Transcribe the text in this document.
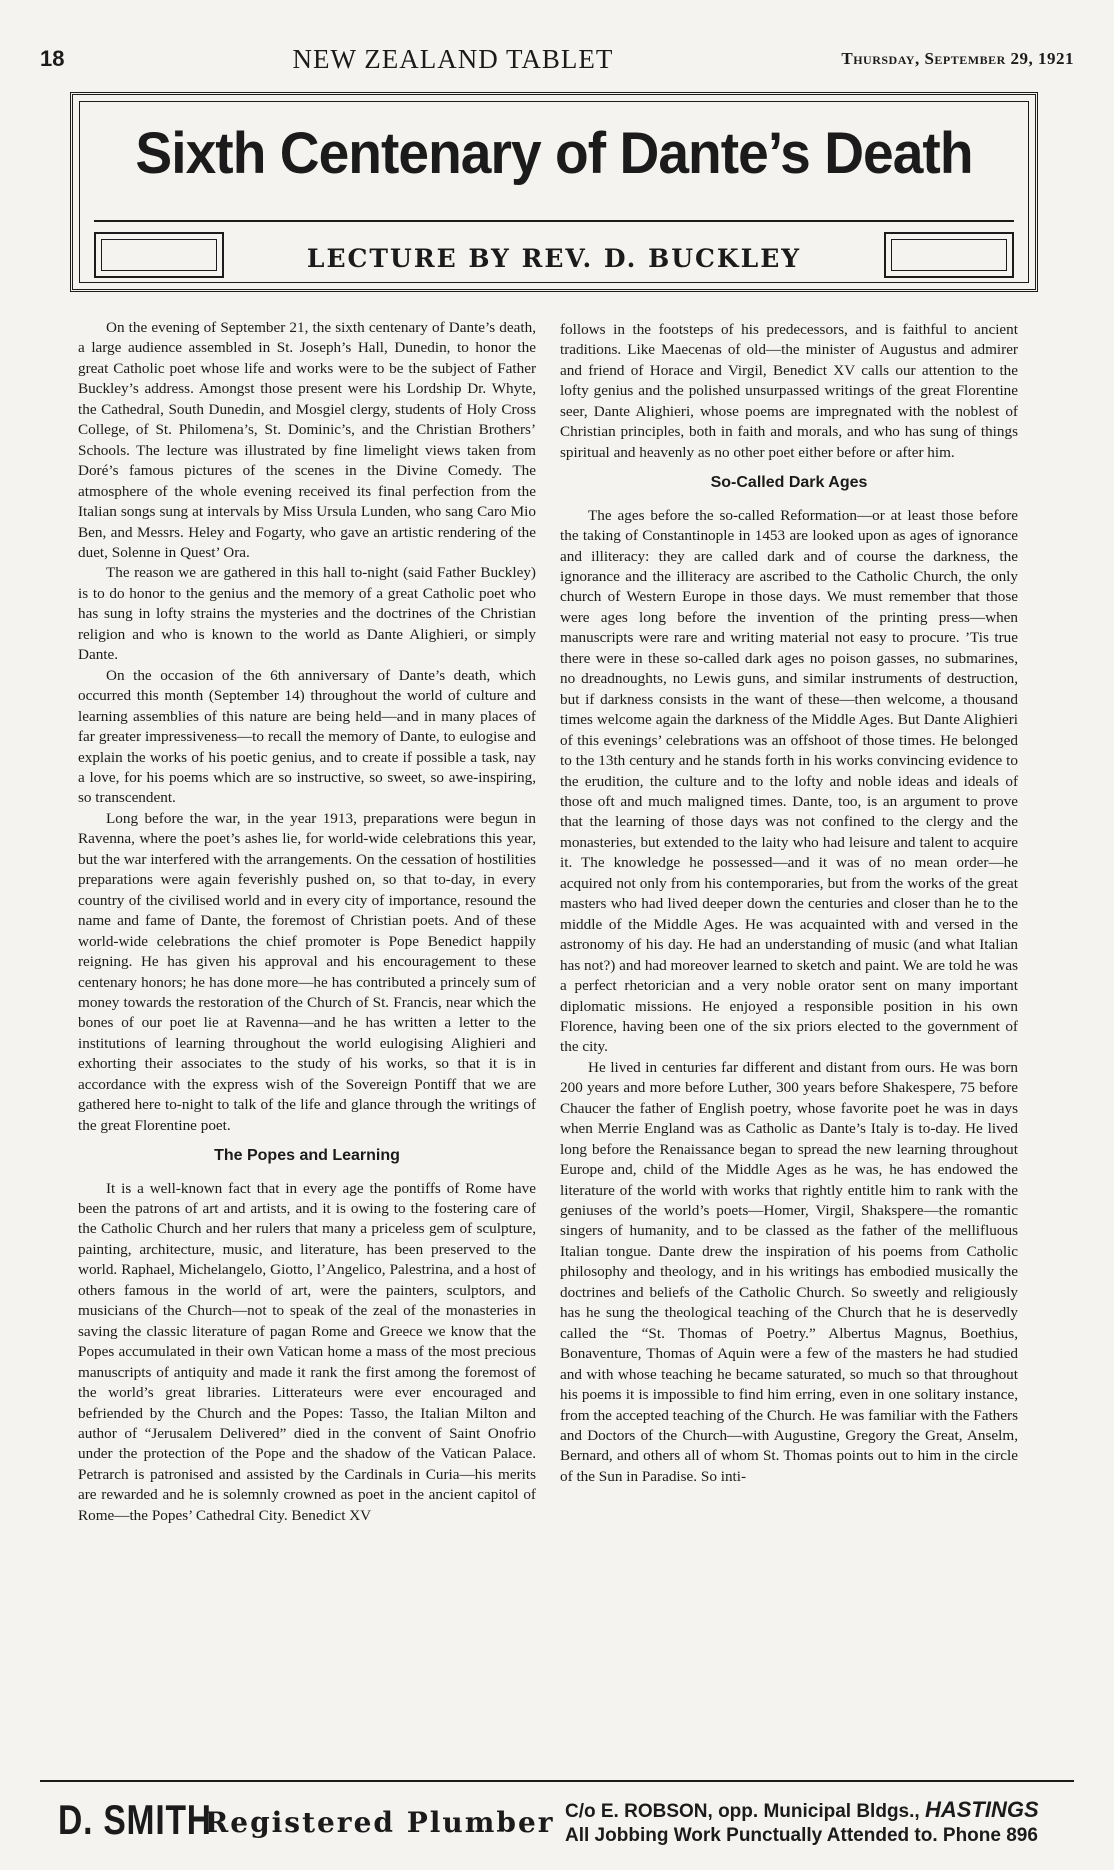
18	NEW ZEALAND TABLET	Thursday, September 29, 1921
Sixth Centenary of Dante’s Death
LECTURE BY REV. D. BUCKLEY

On the evening of September 21, the sixth centenary of Dante’s death, a large audience assembled in St. Joseph’s Hall, Dunedin, to honor the great Catholic poet whose life and works were to be the subject of Father Buckley’s address. Amongst those present were his Lordship Dr. Whyte, the Cathedral, South Dunedin, and Mosgiel clergy, students of Holy Cross College, of St. Philomena’s, St. Dominic’s, and the Christian Brothers’ Schools. The lecture was illustrated by fine limelight views taken from Doré’s famous pictures of the scenes in the Divine Comedy. The atmosphere of the whole evening received its final perfection from the Italian songs sung at intervals by Miss Ursula Lunden, who sang Caro Mio Ben, and Messrs. Heley and Fogarty, who gave an artistic rendering of the duet, Solenne in Quest’ Ora.

The reason we are gathered in this hall to-night (said Father Buckley) is to do honor to the genius and the memory of a great Catholic poet who has sung in lofty strains the mysteries and the doctrines of the Christian religion and who is known to the world as Dante Alighieri, or simply Dante.

On the occasion of the 6th anniversary of Dante’s death, which occurred this month (September 14) throughout the world of culture and learning assemblies of this nature are being held—and in many places of far greater impressiveness—to recall the memory of Dante, to eulogise and explain the works of his poetic genius, and to create if possible a task, nay a love, for his poems which are so instructive, so sweet, so awe-inspiring, so transcendent.

Long before the war, in the year 1913, preparations were begun in Ravenna, where the poet’s ashes lie, for world-wide celebrations this year, but the war interfered with the arrangements. On the cessation of hostilities preparations were again feverishly pushed on, so that to-day, in every country of the civilised world and in every city of importance, resound the name and fame of Dante, the foremost of Christian poets. And of these world-wide celebrations the chief promoter is Pope Benedict happily reigning. He has given his approval and his encouragement to these centenary honors; he has done more—he has contributed a princely sum of money towards the restoration of the Church of St. Francis, near which the bones of our poet lie at Ravenna—and he has written a letter to the institutions of learning throughout the world eulogising Alighieri and exhorting their associates to the study of his works, so that it is in accordance with the express wish of the Sovereign Pontiff that we are gathered here to-night to talk of the life and glance through the writings of the great Florentine poet.

The Popes and Learning

It is a well-known fact that in every age the pontiffs of Rome have been the patrons of art and artists, and it is owing to the fostering care of the Catholic Church and her rulers that many a priceless gem of sculpture, painting, architecture, music, and literature, has been preserved to the world. Raphael, Michelangelo, Giotto, l’Angelico, Palestrina, and a host of others famous in the world of art, were the painters, sculptors, and musicians of the Church—not to speak of the zeal of the monasteries in saving the classic literature of pagan Rome and Greece we know that the Popes accumulated in their own Vatican home a mass of the most precious manuscripts of antiquity and made it rank the first among the foremost of the world’s great libraries. Litterateurs were ever encouraged and befriended by the Church and the Popes: Tasso, the Italian Milton and author of “Jerusalem Delivered” died in the convent of Saint Onofrio under the protection of the Pope and the shadow of the Vatican Palace. Petrarch is patronised and assisted by the Cardinals in Curia—his merits are rewarded and he is solemnly crowned as poet in the ancient capitol of Rome—the Popes’ Cathedral City. Benedict XV

follows in the footsteps of his predecessors, and is faithful to ancient traditions. Like Maecenas of old—the minister of Augustus and admirer and friend of Horace and Virgil, Benedict XV calls our attention to the lofty genius and the polished unsurpassed writings of the great Florentine seer, Dante Alighieri, whose poems are impregnated with the noblest of Christian principles, both in faith and morals, and who has sung of things spiritual and heavenly as no other poet either before or after him.

So-Called Dark Ages

The ages before the so-called Reformation—or at least those before the taking of Constantinople in 1453 are looked upon as ages of ignorance and illiteracy: they are called dark and of course the darkness, the ignorance and the illiteracy are ascribed to the Catholic Church, the only church of Western Europe in those days. We must remember that those were ages long before the invention of the printing press—when manuscripts were rare and writing material not easy to procure. ’Tis true there were in these so-called dark ages no poison gasses, no submarines, no dreadnoughts, no Lewis guns, and similar instruments of destruction, but if darkness consists in the want of these—then welcome, a thousand times welcome again the darkness of the Middle Ages. But Dante Alighieri of this evenings’ celebrations was an offshoot of those times. He belonged to the 13th century and he stands forth in his works convincing evidence to the erudition, the culture and to the lofty and noble ideas and ideals of those oft and much maligned times. Dante, too, is an argument to prove that the learning of those days was not confined to the clergy and the monasteries, but extended to the laity who had leisure and talent to acquire it. The knowledge he possessed—and it was of no mean order—he acquired not only from his contemporaries, but from the works of the great masters who had lived deeper down the centuries and closer than he to the middle of the Middle Ages. He was acquainted with and versed in the astronomy of his day. He had an understanding of music (and what Italian has not?) and had moreover learned to sketch and paint. We are told he was a perfect rhetorician and a very noble orator sent on many important diplomatic missions. He enjoyed a responsible position in his own Florence, having been one of the six priors elected to the government of the city.

He lived in centuries far different and distant from ours. He was born 200 years and more before Luther, 300 years before Shakespere, 75 before Chaucer the father of English poetry, whose favorite poet he was in days when Merrie England was as Catholic as Dante’s Italy is to-day. He lived long before the Renaissance began to spread the new learning throughout Europe and, child of the Middle Ages as he was, he has endowed the literature of the world with works that rightly entitle him to rank with the geniuses of the world’s poets—Homer, Virgil, Shakspere—the romantic singers of humanity, and to be classed as the father of the mellifluous Italian tongue. Dante drew the inspiration of his poems from Catholic philosophy and theology, and in his writings has embodied musically the doctrines and beliefs of the Catholic Church. So sweetly and religiously has he sung the theological teaching of the Church that he is deservedly called the “St. Thomas of Poetry.” Albertus Magnus, Boethius, Bonaventure, Thomas of Aquin were a few of the masters he had studied and with whose teaching he became saturated, so much so that throughout his poems it is impossible to find him erring, even in one solitary instance, from the accepted teaching of the Church. He was familiar with the Fathers and Doctors of the Church—with Augustine, Gregory the Great, Anselm, Bernard, and others all of whom St. Thomas points out to him in the circle of the Sun in Paradise. So inti-

D. SMITH
Registered Plumber C/o E. ROBSON, opp. Municipal Bldgs., HASTINGS
All Jobbing Work Punctually Attended to. Phone 896
